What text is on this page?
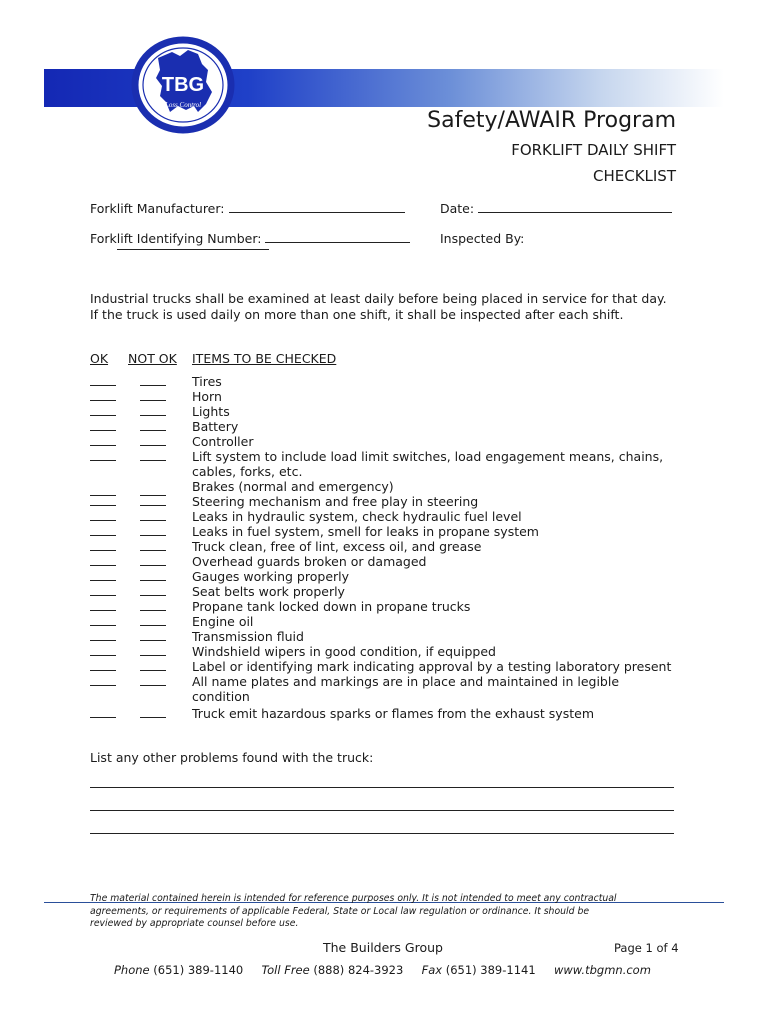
TBG
Loss Control
Safety/AWAIR Program
FORKLIFT DAILY SHIFT
CHECKLIST
Forklift Manufacturer:	Date:
Forklift Identifying Number:	Inspected By:
Industrial trucks shall be examined at least daily before being placed in service for that day.
If the truck is used daily on more than one shift, it shall be inspected after each shift.
OK NOT OK ITEMS TO BE CHECKED
Tires
Horn
Lights
Battery
Controller
Lift system to include load limit switches, load engagement means, chains,
cables, forks, etc.
Brakes (normal and emergency)
Steering mechanism and free play in steering
Leaks in hydraulic system, check hydraulic fuel level
Leaks in fuel system, smell for leaks in propane system
Truck clean, free of lint, excess oil, and grease
Overhead guards broken or damaged
Gauges working properly
Seat belts work properly
Propane tank locked down in propane trucks
Engine oil
Transmission fluid
Windshield wipers in good condition, if equipped
Label or identifying mark indicating approval by a testing laboratory present
All name plates and markings are in place and maintained in legible
condition
Truck emit hazardous sparks or flames from the exhaust system
List any other problems found with the truck:
The material contained herein is intended for reference purposes only. It is not intended to meet any contractual
agreements, or requirements of applicable Federal, State or Local law regulation or ordinance. It should be
reviewed by appropriate counsel before use.
The Builders Group	Page 1 of 4
Phone (651) 389-1140 Toll Free (888) 824-3923 Fax (651) 389-1141 www.tbgmn.com
